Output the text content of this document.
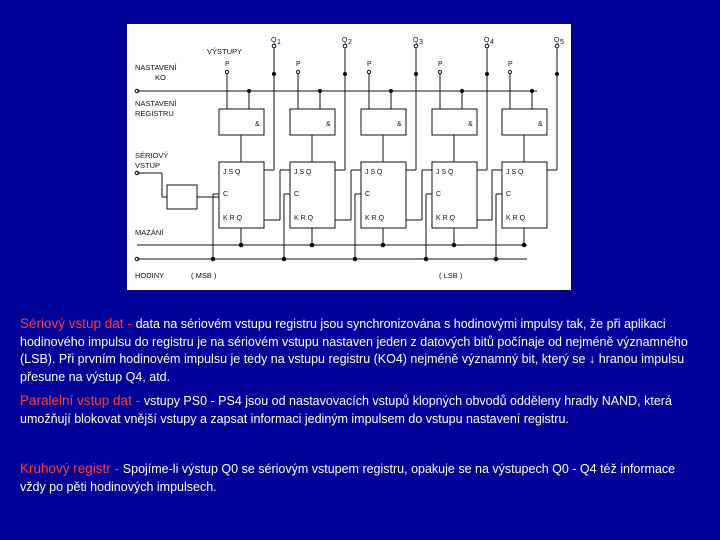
VÝSTUPY
NASTAVENÍ
KO
NASTAVENÍ
REGISTRU
SÉRIOVÝ
VSTUP
MAZÁNÍ
HODINY	( MSB )	( LSB )
Q 1
P
&
J S Q
C
K R Q
Q 2
P
&
J S Q
C
K R Q
Q 3
P
&
J S Q
C
K R Q
Q 4
P
&
J S Q
C
K R Q
Q 5
P
&
J S Q
C
K R Q
Sériový vstup dat - data na sériovém vstupu registru jsou synchronizována s hodinovými impulsy tak, že při aplikaci hodinového impulsu do registru je na sériovém vstupu nastaven jeden z datových bitů počínaje od nejméně významného (LSB). Při prvním hodinovém impulsu je tedy na vstupu registru (KO4) nejméně významný bit, který se ↓ hranou impulsu přesune na výstup Q4, atd.
Paralelní vstup dat - vstupy PS0 - PS4 jsou od nastavovacích vstupů klopných obvodů odděleny hradly NAND, která umožňují blokovat vnější vstupy a zapsat informaci jediným impulsem do vstupu nastavení registru.
Kruhový registr - Spojíme-li výstup Q0 se sériovým vstupem registru, opakuje se na výstupech Q0 - Q4 též informace vždy po pěti hodinových impulsech.
